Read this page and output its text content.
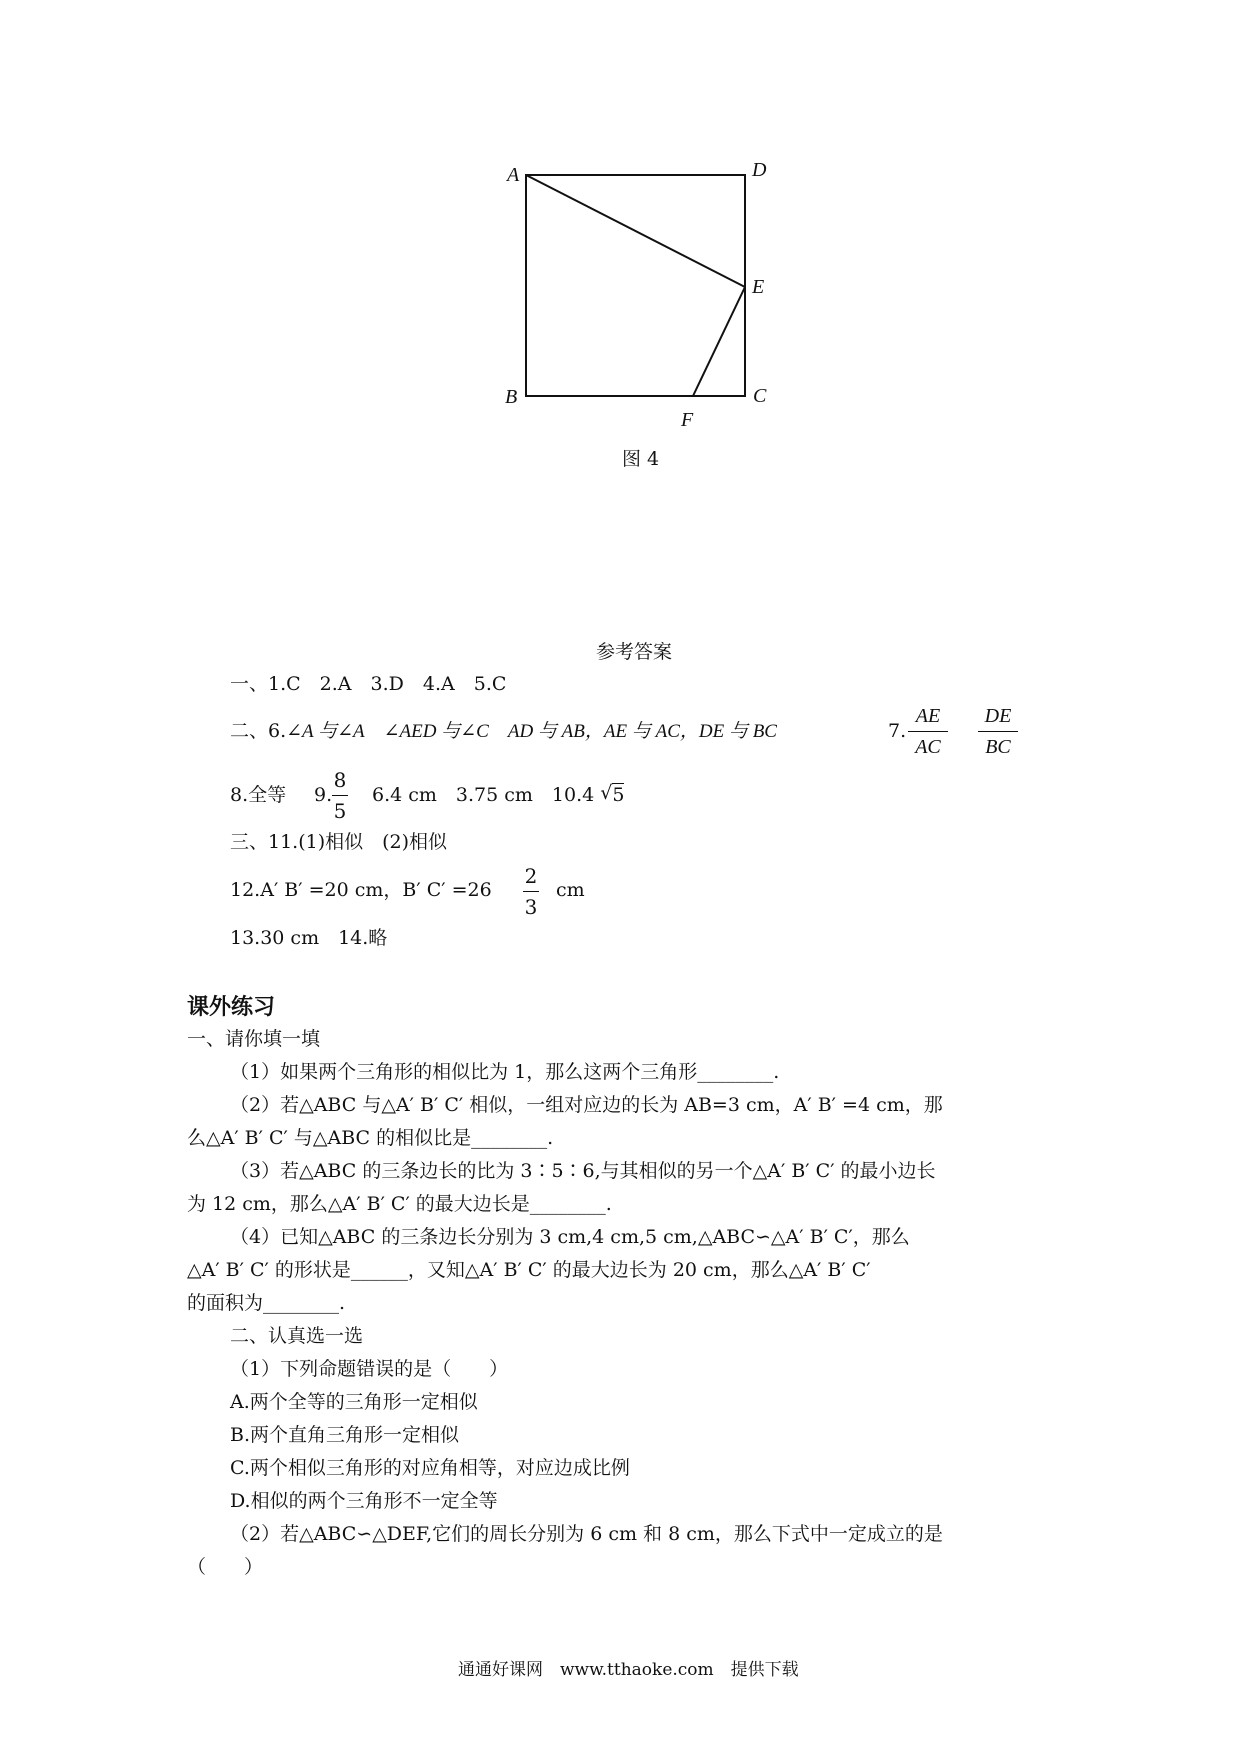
A	D
E
B	C
F
图 4
参考答案
一、1.C　2.A　3.D　4.A　5.C
二、6.∠A 与∠A　 ∠AED 与∠C　 AD 与 AB，AE 与 AC，DE 与 BC	7.
AE
AC
DE
BC
8.全等 9.
8
5
6.4 cm　3.75 cm　10.4 √5
三、11.(1)相似　(2)相似
12.A′ B′ =20 cm，B′ C′ =26
2
3
cm
13.30 cm　14.略
课外练习
一、请你填一填
（1）如果两个三角形的相似比为 1，那么这两个三角形________.
（2）若△ABC 与△A′ B′ C′ 相似，一组对应边的长为 AB=3 cm，A′ B′ =4 cm，那
么△A′ B′ C′ 与△ABC 的相似比是________.
（3）若△ABC 的三条边长的比为 3∶5∶6,与其相似的另一个△A′ B′ C′ 的最小边长
为 12 cm，那么△A′ B′ C′ 的最大边长是________.
（4）已知△ABC 的三条边长分别为 3 cm,4 cm,5 cm,△ABC∽△A′ B′ C′，那么
△A′ B′ C′ 的形状是______，又知△A′ B′ C′ 的最大边长为 20 cm，那么△A′ B′ C′
的面积为________.
二、认真选一选
（1）下列命题错误的是（　　）
A.两个全等的三角形一定相似
B.两个直角三角形一定相似
C.两个相似三角形的对应角相等，对应边成比例
D.相似的两个三角形不一定全等
（2）若△ABC∽△DEF,它们的周长分别为 6 cm 和 8 cm，那么下式中一定成立的是
（　　）
通通好课网　www.tthaoke.com　提供下载
